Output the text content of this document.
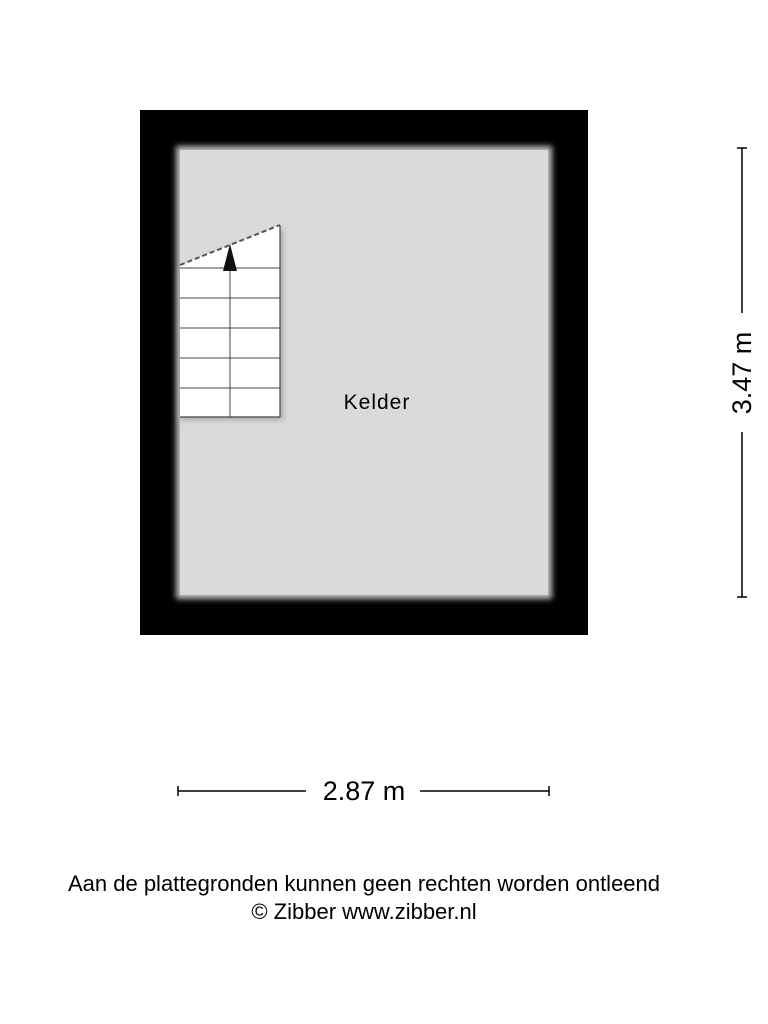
Kelder	3.47 m
2.87 m
Aan de plattegronden kunnen geen rechten worden ontleend
© Zibber www.zibber.nl
